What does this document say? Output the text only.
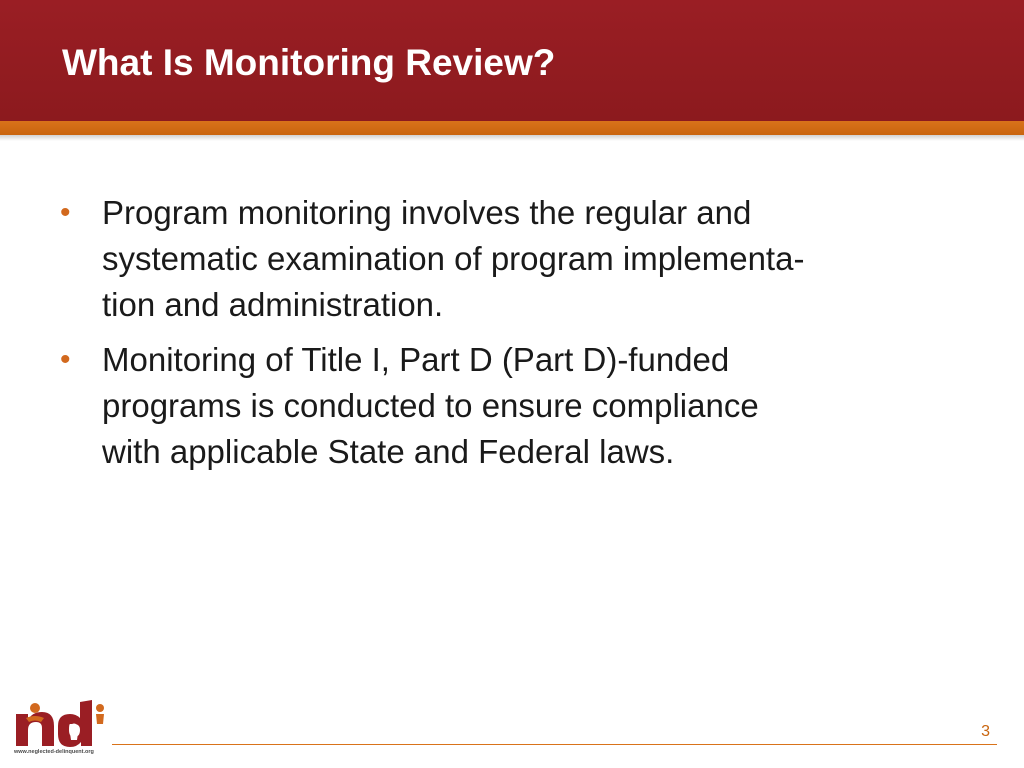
What Is Monitoring Review?
• Program monitoring involves the regular and
systematic examination of program implementa-
tion and administration.
• Monitoring of Title I, Part D (Part D)-funded
programs is conducted to ensure compliance
with applicable State and Federal laws.
www.neglected-delinquent.org
3
